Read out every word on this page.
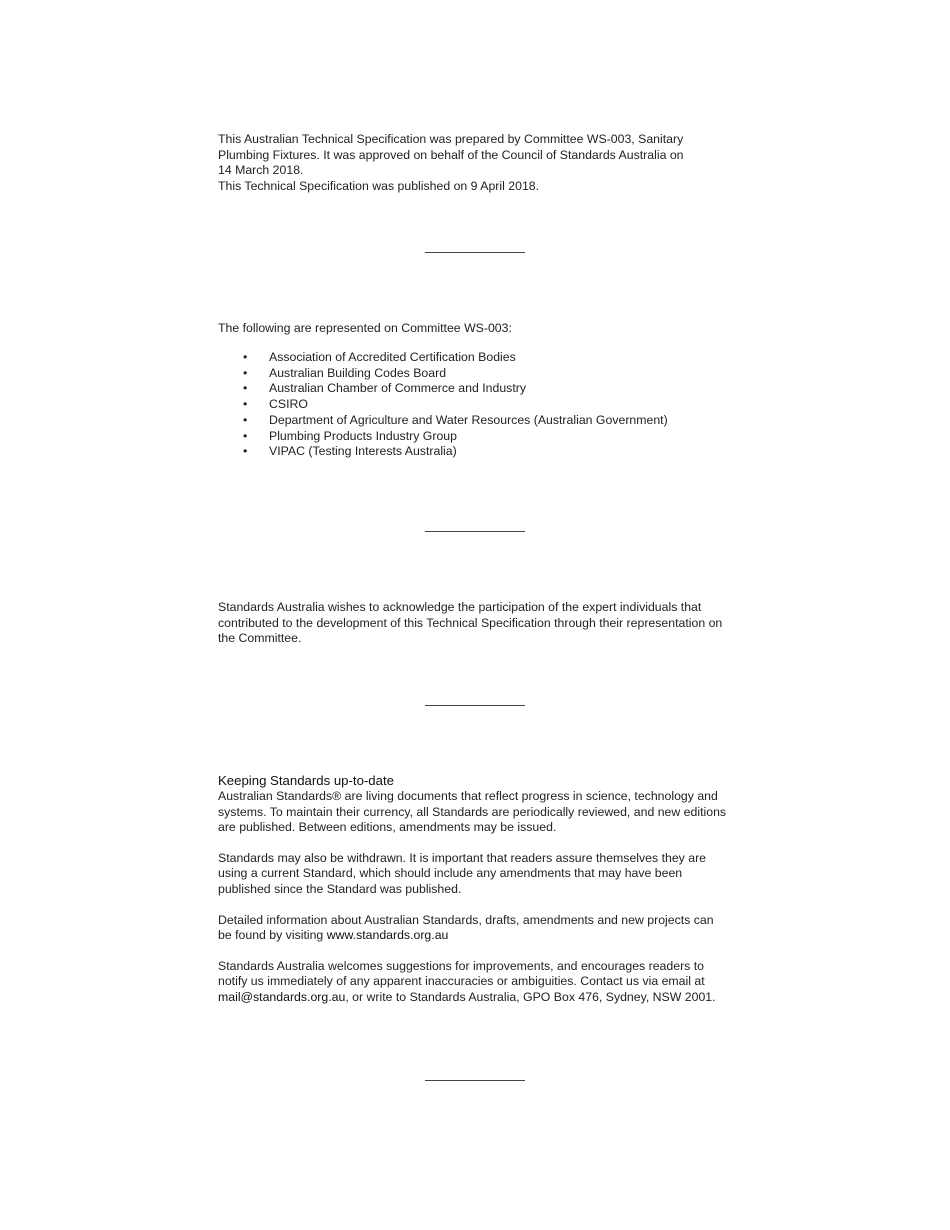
This Australian Technical Specification was prepared by Committee WS-003, Sanitary

Plumbing Fixtures. It was approved on behalf of the Council of Standards Australia on

14 March 2018.

This Technical Specification was published on 9 April 2018.

The following are represented on Committee WS-003:

• Association of Accredited Certification Bodies
• Australian Building Codes Board
• Australian Chamber of Commerce and Industry
• CSIRO
• Department of Agriculture and Water Resources (Australian Government)
• Plumbing Products Industry Group
• VIPAC (Testing Interests Australia)

Standards Australia wishes to acknowledge the participation of the expert individuals that

contributed to the development of this Technical Specification through their representation on

the Committee.

Keeping Standards up-to-date

Australian Standards® are living documents that reflect progress in science, technology and

systems. To maintain their currency, all Standards are periodically reviewed, and new editions

are published. Between editions, amendments may be issued.

Standards may also be withdrawn. It is important that readers assure themselves they are

using a current Standard, which should include any amendments that may have been

published since the Standard was published.

Detailed information about Australian Standards, drafts, amendments and new projects can

be found by visiting www.standards.org.au

Standards Australia welcomes suggestions for improvements, and encourages readers to

notify us immediately of any apparent inaccuracies or ambiguities. Contact us via email at

mail@standards.org.au, or write to Standards Australia, GPO Box 476, Sydney, NSW 2001.
